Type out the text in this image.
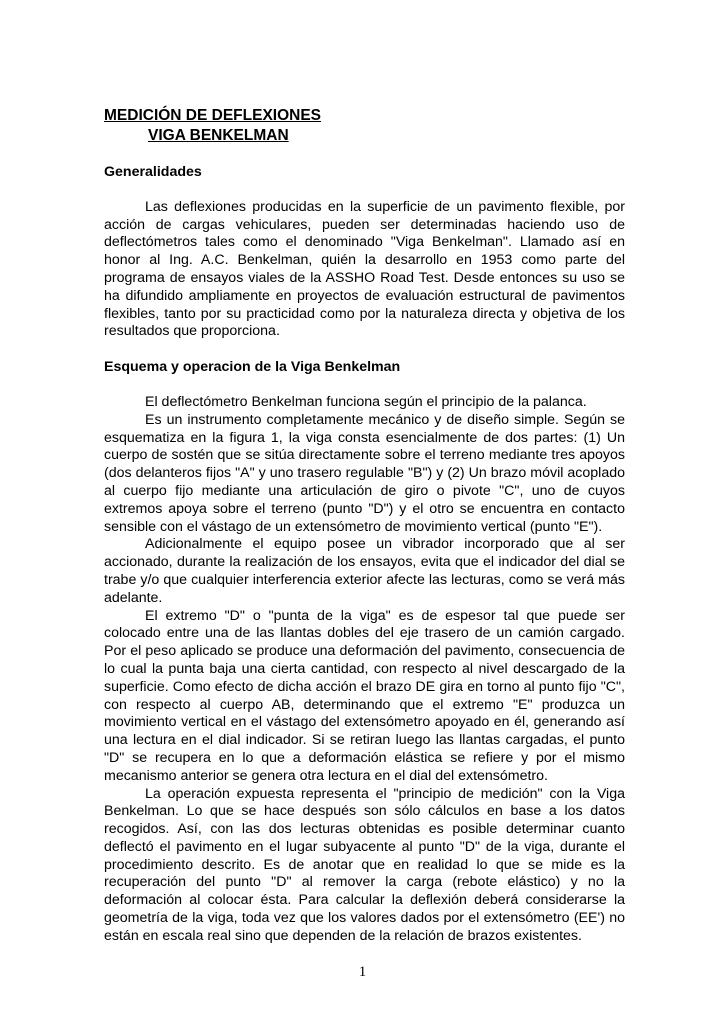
MEDICIÓN DE DEFLEXIONES

VIGA BENKELMAN

Generalidades

Las deflexiones producidas en la superficie de un pavimento flexible, por acción de cargas vehiculares, pueden ser determinadas haciendo uso de deflectómetros tales como el denominado "Viga Benkelman". Llamado así en honor al Ing. A.C. Benkelman, quién la desarrollo en 1953 como parte del programa de ensayos viales de la ASSHO Road Test. Desde entonces su uso se ha difundido ampliamente en proyectos de evaluación estructural de pavimentos flexibles, tanto por su practicidad como por la naturaleza directa y objetiva de los resultados que proporciona.

Esquema y operacion de la Viga Benkelman

El deflectómetro Benkelman funciona según el principio de la palanca.

Es un instrumento completamente mecánico y de diseño simple. Según se esquematiza en la figura 1, la viga consta esencialmente de dos partes: (1) Un cuerpo de sostén que se sitúa directamente sobre el terreno mediante tres apoyos (dos delanteros fijos "A" y uno trasero regulable "B") y (2) Un brazo móvil acoplado al cuerpo fijo mediante una articulación de giro o pivote "C", uno de cuyos extremos apoya sobre el terreno (punto "D") y el otro se encuentra en contacto sensible con el vástago de un extensómetro de movimiento vertical (punto "E").

Adicionalmente el equipo posee un vibrador incorporado que al ser accionado, durante la realización de los ensayos, evita que el indicador del dial se trabe y/o que cualquier interferencia exterior afecte las lecturas, como se verá más adelante.

El extremo "D" o "punta de la viga" es de espesor tal que puede ser colocado entre una de las llantas dobles del eje trasero de un camión cargado. Por el peso aplicado se produce una deformación del pavimento, consecuencia de lo cual la punta baja una cierta cantidad, con respecto al nivel descargado de la superficie. Como efecto de dicha acción el brazo DE gira en torno al punto fijo "C", con respecto al cuerpo AB, determinando que el extremo "E" produzca un movimiento vertical en el vástago del extensómetro apoyado en él, generando así una lectura en el dial indicador. Si se retiran luego las llantas cargadas, el punto "D" se recupera en lo que a deformación elástica se refiere y por el mismo mecanismo anterior se genera otra lectura en el dial del extensómetro.

La operación expuesta representa el "principio de medición" con la Viga Benkelman. Lo que se hace después son sólo cálculos en base a los datos recogidos. Así, con las dos lecturas obtenidas es posible determinar cuanto deflectó el pavimento en el lugar subyacente al punto "D" de la viga, durante el procedimiento descrito. Es de anotar que en realidad lo que se mide es la recuperación del punto "D" al remover la carga (rebote elástico) y no la deformación al colocar ésta. Para calcular la deflexión deberá considerarse la geometría de la viga, toda vez que los valores dados por el extensómetro (EE') no están en escala real sino que dependen de la relación de brazos existentes.

1
